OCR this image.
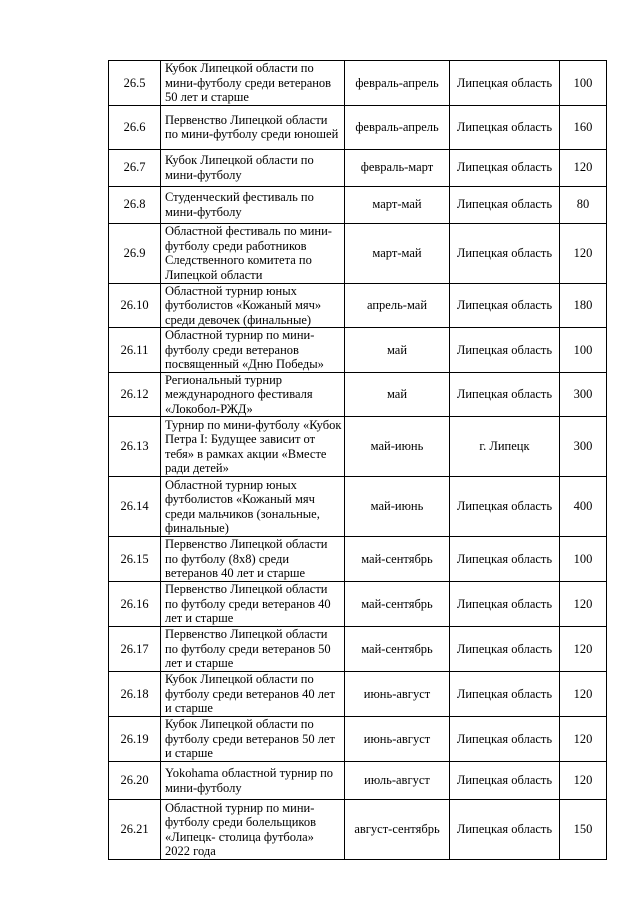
26.5	Кубок Липецкой области по мини-футболу среди ветеранов 50 лет и старше	февраль-апрель	Липецкая область	100
26.6	Первенство Липецкой области по мини-футболу среди юношей	февраль-апрель	Липецкая область	160
26.7	Кубок Липецкой области по мини-футболу	февраль-март	Липецкая область	120
26.8	Студенческий фестиваль по мини-футболу	март-май	Липецкая область	80
26.9	Областной фестиваль по мини-футболу среди работников Следственного комитета по Липецкой области	март-май	Липецкая область	120
26.10	Областной турнир юных футболистов «Кожаный мяч» среди девочек (финальные)	апрель-май	Липецкая область	180
26.11	Областной турнир по мини-футболу среди ветеранов посвященный «Дню Победы»	май	Липецкая область	100
26.12	Региональный турнир международного фестиваля «Локобол-РЖД»	май	Липецкая область	300
26.13	Турнир по мини-футболу «Кубок Петра I: Будущее зависит от тебя» в рамках акции «Вместе ради детей»	май-июнь	г. Липецк	300
26.14	Областной турнир юных футболистов «Кожаный мяч среди мальчиков (зональные, финальные)	май-июнь	Липецкая область	400
26.15	Первенство Липецкой области по футболу (8х8) среди ветеранов 40 лет и старше	май-сентябрь	Липецкая область	100
26.16	Первенство Липецкой области по футболу среди ветеранов 40 лет и старше	май-сентябрь	Липецкая область	120
26.17	Первенство Липецкой области по футболу среди ветеранов 50 лет и старше	май-сентябрь	Липецкая область	120
26.18	Кубок Липецкой области по футболу среди ветеранов 40 лет и старше	июнь-август	Липецкая область	120
26.19	Кубок Липецкой области по футболу среди ветеранов 50 лет и старше	июнь-август	Липецкая область	120
26.20	Yokohama областной турнир по мини-футболу	июль-август	Липецкая область	120
26.21	Областной турнир по мини-футболу среди болельщиков «Липецк- столица футбола» 2022 года	август-сентябрь	Липецкая область	150
